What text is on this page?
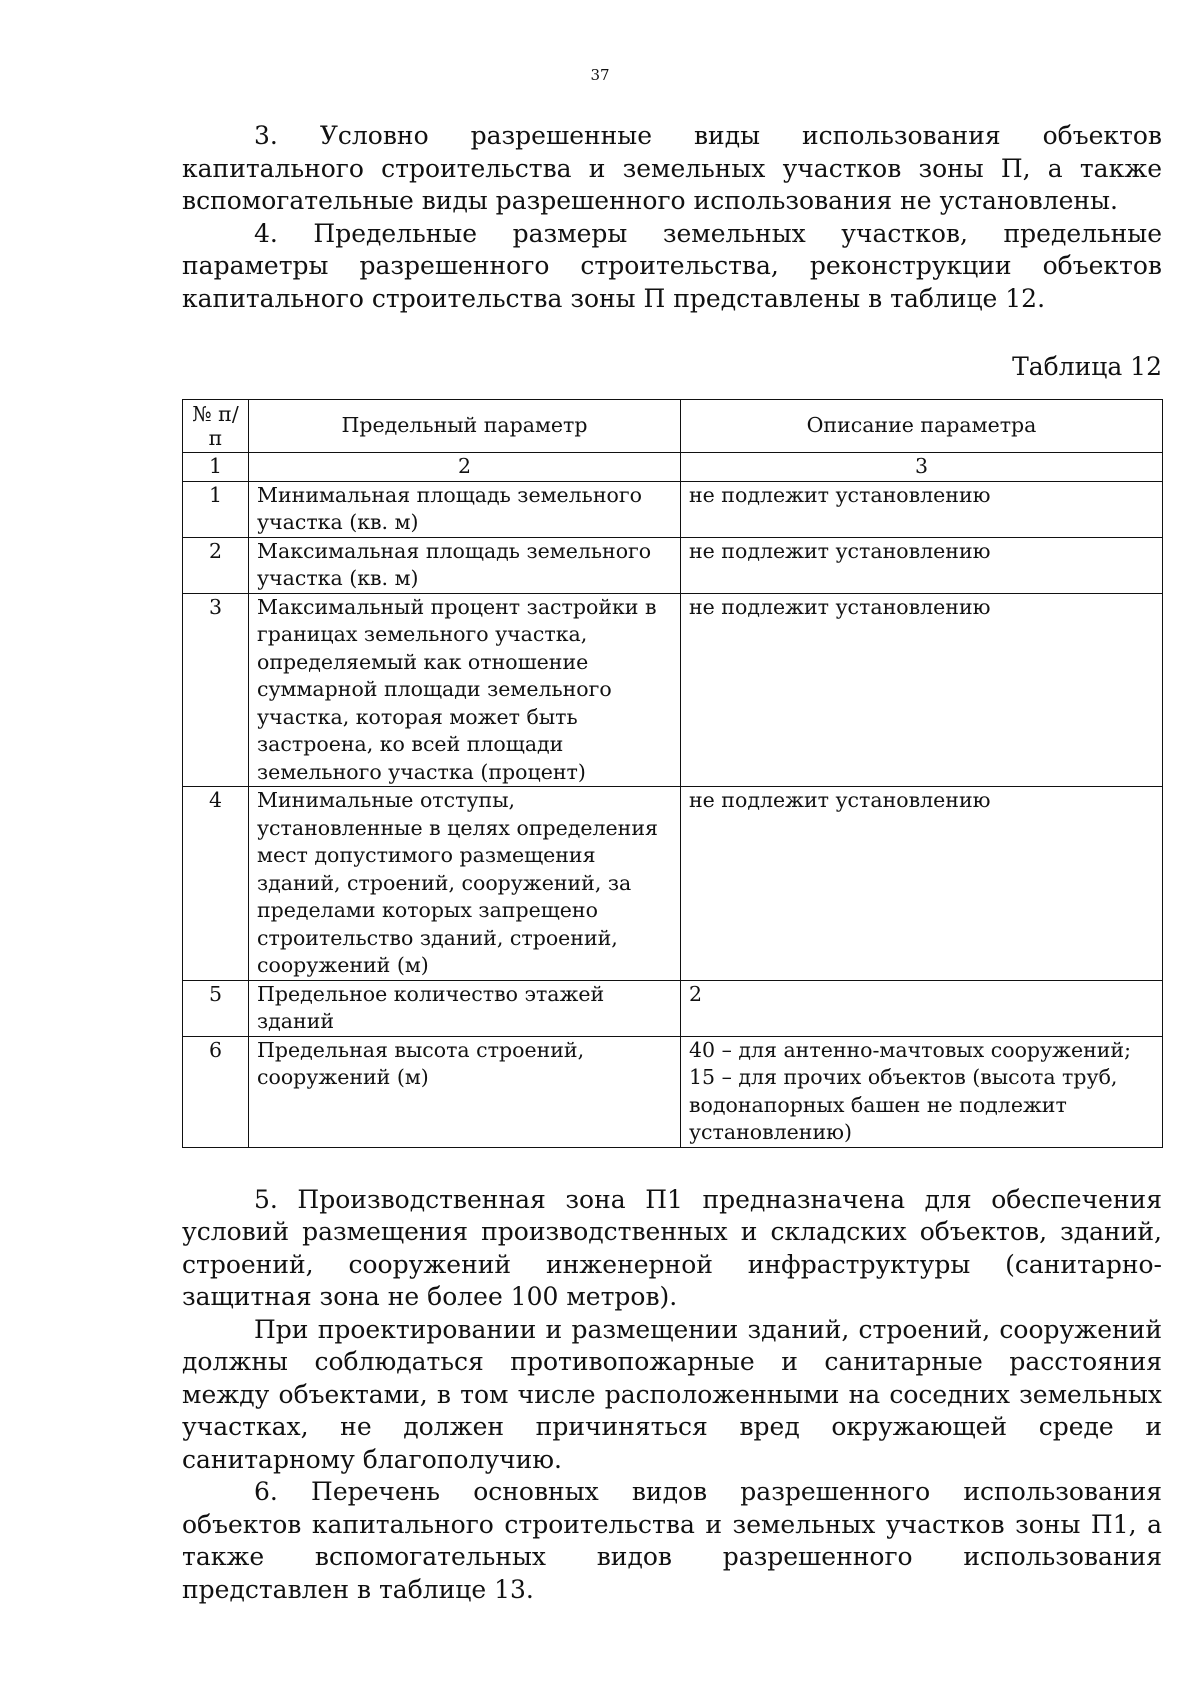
37

3. Условно разрешенные виды использования объектов капитального строительства и земельных участков зоны П, а также вспомогательные виды разрешенного использования не установлены.

4. Предельные размеры земельных участков, предельные параметры разрешенного строительства, реконструкции объектов капитального строительства зоны П представлены в таблице 12.

Таблица 12
№ п/п	Предельный параметр	Описание параметра
1	2	3
1	Минимальная площадь земельного участка (кв. м)	не подлежит установлению
2	Максимальная площадь земельного участка (кв. м)	не подлежит установлению
3	Максимальный процент застройки в границах земельного участка, определяемый как отношение суммарной площади земельного участка, которая может быть застроена, ко всей площади земельного участка (процент)	не подлежит установлению
4	Минимальные отступы, установленные в целях определения мест допустимого размещения зданий, строений, сооружений, за пределами которых запрещено строительство зданий, строений, сооружений (м)	не подлежит установлению
5	Предельное количество этажей зданий	2
6	Предельная высота строений, сооружений (м)	40 – для антенно-мачтовых сооружений; 15 – для прочих объектов (высота труб, водонапорных башен не подлежит установлению)

5. Производственная зона П1 предназначена для обеспечения условий размещения производственных и складских объектов, зданий, строений, сооружений инженерной инфраструктуры (санитарно-защитная зона не более 100 метров).

При проектировании и размещении зданий, строений, сооружений должны соблюдаться противопожарные и санитарные расстояния между объектами, в том числе расположенными на соседних земельных участках, не должен причиняться вред окружающей среде и санитарному благополучию.

6. Перечень основных видов разрешенного использования объектов капитального строительства и земельных участков зоны П1, а также вспомогательных видов разрешенного использования представлен в таблице 13.
